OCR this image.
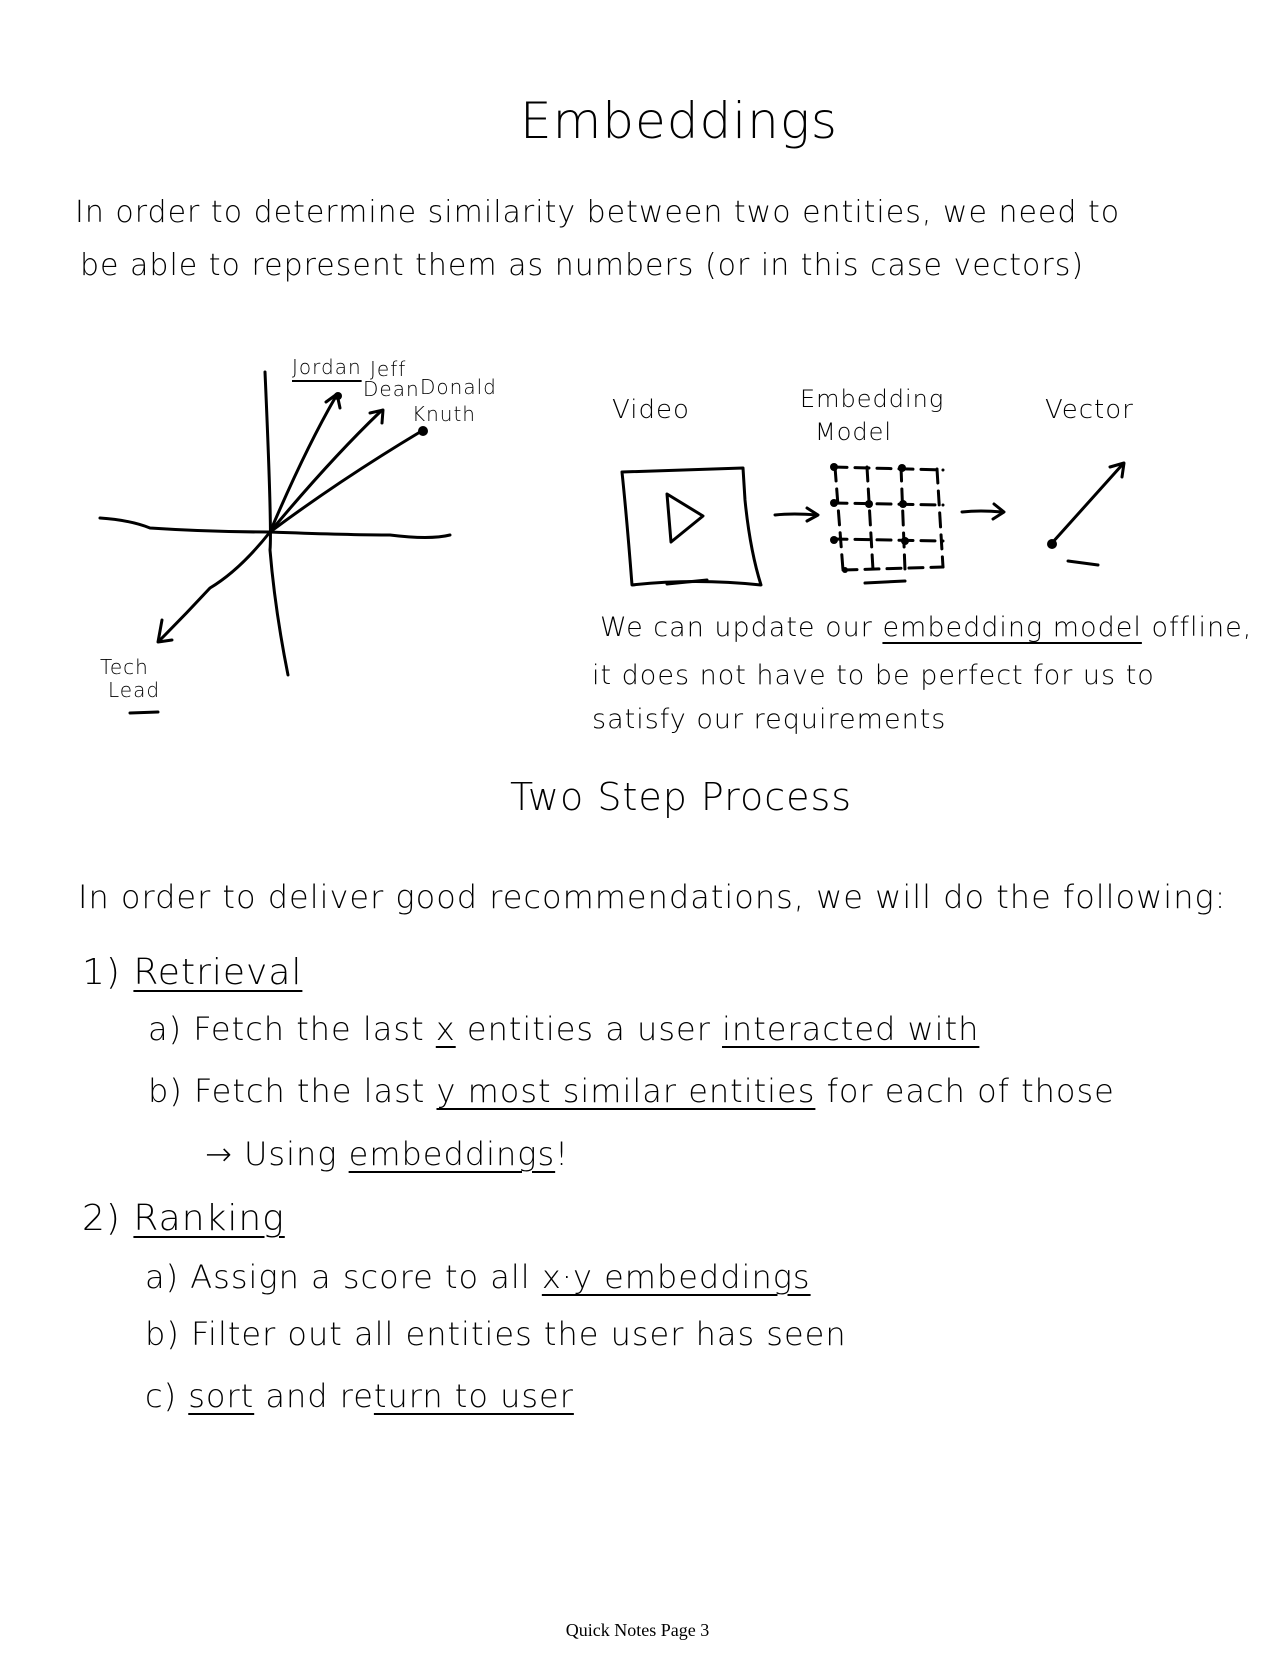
Embeddings
In order to determine similarity between two entities, we need to
be able to represent them as numbers (or in this case vectors)
Jordan Jeff
Dean Donald
Knuth
Tech
Lead
Video	Embedding
Model
Vector
We can update our embedding model offline,
it does not have to be perfect for us to
satisfy our requirements
Two Step Process
In order to deliver good recommendations, we will do the following:
1) Retrieval
a) Fetch the last x entities a user interacted with
b) Fetch the last y most similar entities for each of those
→ Using embeddings!
2) Ranking
a) Assign a score to all x·y embeddings
b) Filter out all entities the user has seen
c) sort and return to user
Quick Notes Page 3
